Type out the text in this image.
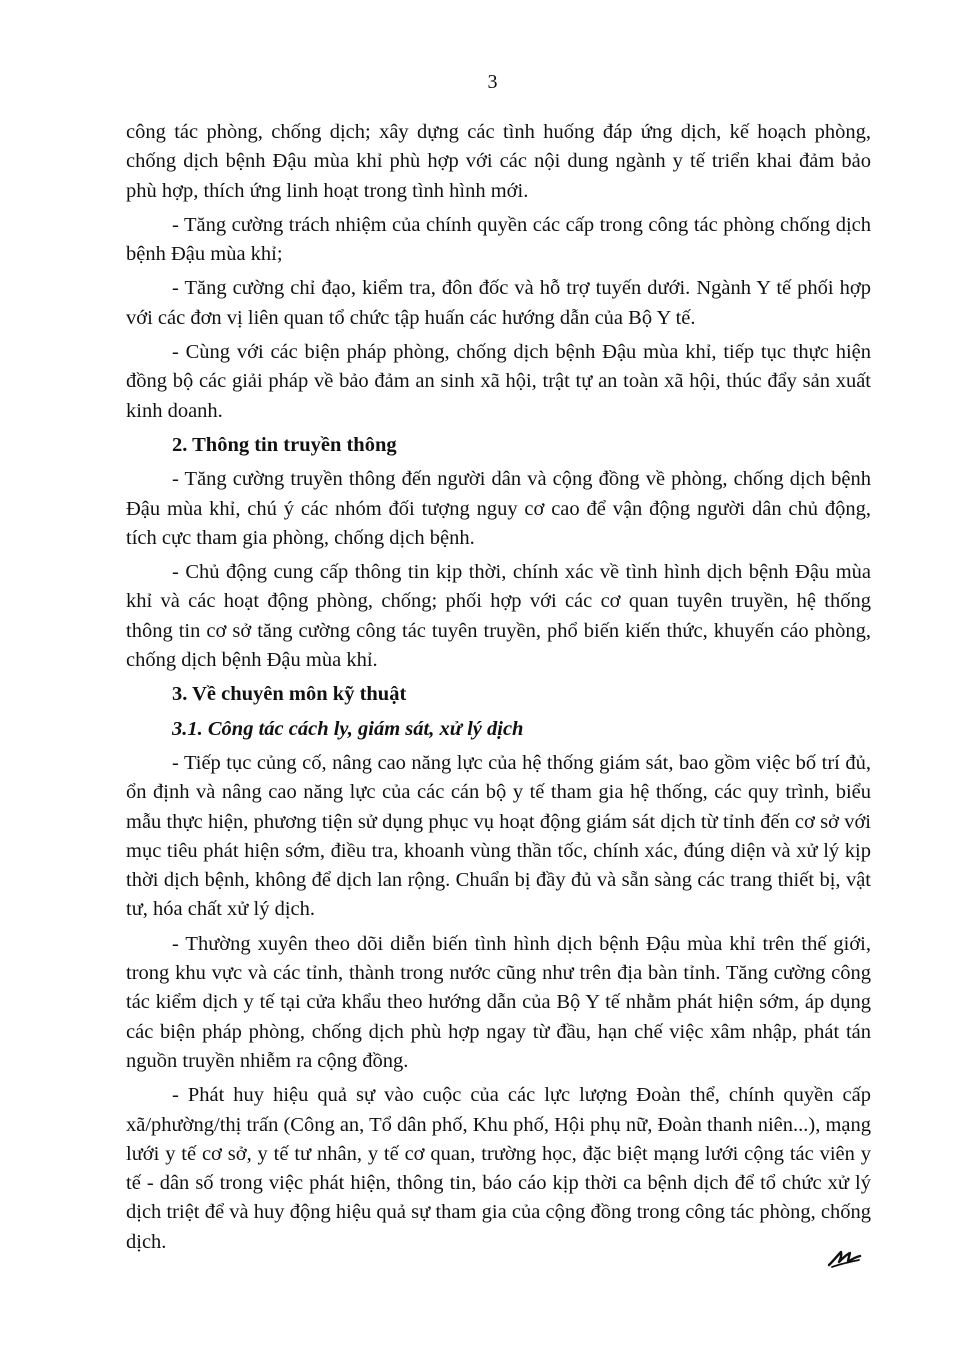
3

công tác phòng, chống dịch; xây dựng các tình huống đáp ứng dịch, kế hoạch phòng, chống dịch bệnh Đậu mùa khỉ phù hợp với các nội dung ngành y tế triển khai đảm bảo phù hợp, thích ứng linh hoạt trong tình hình mới.

- Tăng cường trách nhiệm của chính quyền các cấp trong công tác phòng chống dịch bệnh Đậu mùa khỉ;

- Tăng cường chỉ đạo, kiểm tra, đôn đốc và hỗ trợ tuyến dưới. Ngành Y tế phối hợp với các đơn vị liên quan tổ chức tập huấn các hướng dẫn của Bộ Y tế.

- Cùng với các biện pháp phòng, chống dịch bệnh Đậu mùa khỉ, tiếp tục thực hiện đồng bộ các giải pháp về bảo đảm an sinh xã hội, trật tự an toàn xã hội, thúc đẩy sản xuất kinh doanh.

2. Thông tin truyền thông

- Tăng cường truyền thông đến người dân và cộng đồng về phòng, chống dịch bệnh Đậu mùa khỉ, chú ý các nhóm đối tượng nguy cơ cao để vận động người dân chủ động, tích cực tham gia phòng, chống dịch bệnh.

- Chủ động cung cấp thông tin kịp thời, chính xác về tình hình dịch bệnh Đậu mùa khỉ và các hoạt động phòng, chống; phối hợp với các cơ quan tuyên truyền, hệ thống thông tin cơ sở tăng cường công tác tuyên truyền, phổ biến kiến thức, khuyến cáo phòng, chống dịch bệnh Đậu mùa khỉ.

3. Về chuyên môn kỹ thuật

3.1. Công tác cách ly, giám sát, xử lý dịch

- Tiếp tục củng cố, nâng cao năng lực của hệ thống giám sát, bao gồm việc bố trí đủ, ổn định và nâng cao năng lực của các cán bộ y tế tham gia hệ thống, các quy trình, biểu mẫu thực hiện, phương tiện sử dụng phục vụ hoạt động giám sát dịch từ tỉnh đến cơ sở với mục tiêu phát hiện sớm, điều tra, khoanh vùng thần tốc, chính xác, đúng diện và xử lý kịp thời dịch bệnh, không để dịch lan rộng. Chuẩn bị đầy đủ và sẵn sàng các trang thiết bị, vật tư, hóa chất xử lý dịch.

- Thường xuyên theo dõi diễn biến tình hình dịch bệnh Đậu mùa khỉ trên thế giới, trong khu vực và các tỉnh, thành trong nước cũng như trên địa bàn tỉnh. Tăng cường công tác kiểm dịch y tế tại cửa khẩu theo hướng dẫn của Bộ Y tế nhằm phát hiện sớm, áp dụng các biện pháp phòng, chống dịch phù hợp ngay từ đầu, hạn chế việc xâm nhập, phát tán nguồn truyền nhiễm ra cộng đồng.

- Phát huy hiệu quả sự vào cuộc của các lực lượng Đoàn thể, chính quyền cấp xã/phường/thị trấn (Công an, Tổ dân phố, Khu phố, Hội phụ nữ, Đoàn thanh niên...), mạng lưới y tế cơ sở, y tế tư nhân, y tế cơ quan, trường học, đặc biệt mạng lưới cộng tác viên y tế - dân số trong việc phát hiện, thông tin, báo cáo kịp thời ca bệnh dịch để tổ chức xử lý dịch triệt để và huy động hiệu quả sự tham gia của cộng đồng trong công tác phòng, chống dịch.
